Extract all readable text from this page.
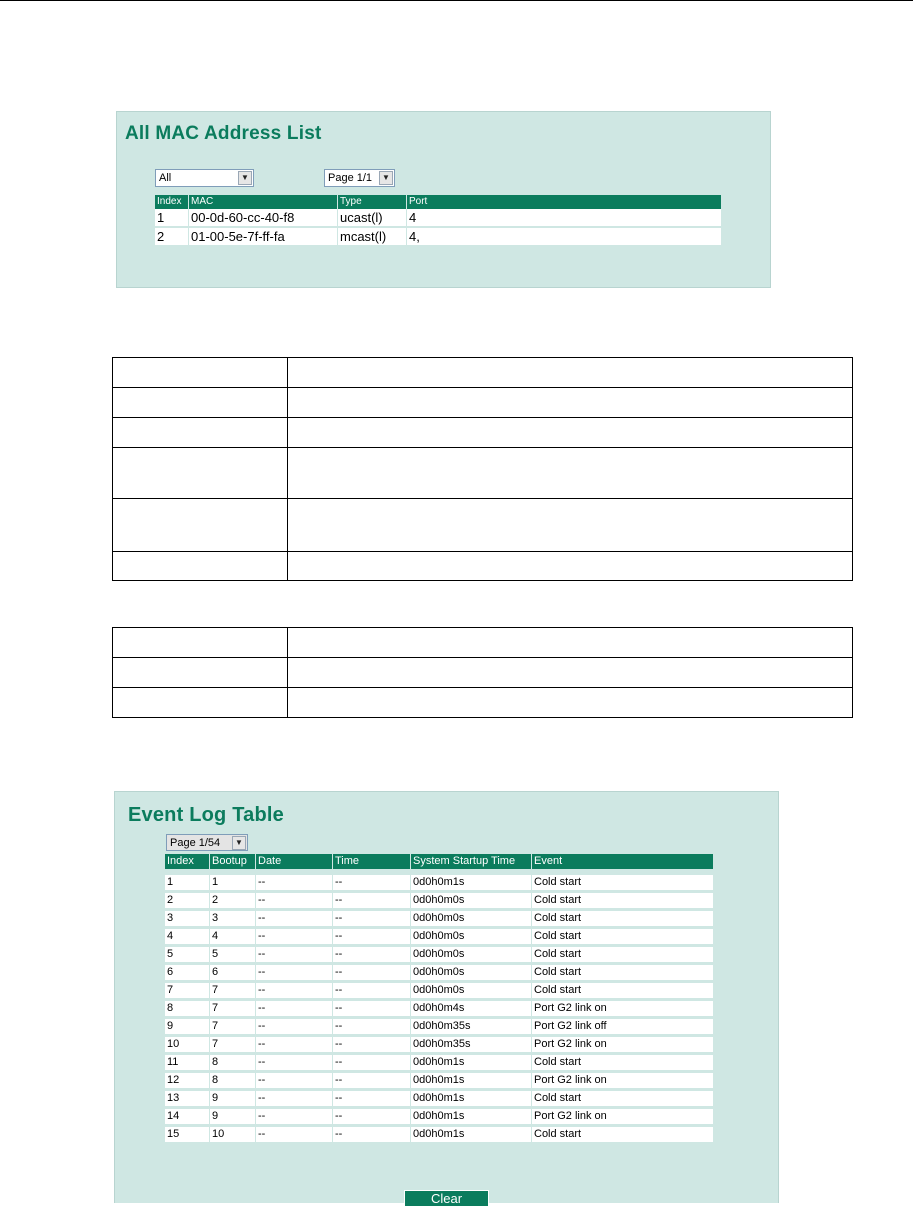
All MAC Address List
All	▼	Page 1/1	▼
Index	MAC	Type	Port
1	00-0d-60-cc-40-f8	ucast(l)	4
2	01-00-5e-7f-ff-fa	mcast(l)	4,

Event Log Table
Page 1/54	▼
Index	Bootup	Date	Time	System Startup Time	Event

1	1	--	--	0d0h0m1s	Cold start
2	2	--	--	0d0h0m0s	Cold start
3	3	--	--	0d0h0m0s	Cold start
4	4	--	--	0d0h0m0s	Cold start
5	5	--	--	0d0h0m0s	Cold start
6	6	--	--	0d0h0m0s	Cold start
7	7	--	--	0d0h0m0s	Cold start
8	7	--	--	0d0h0m4s	Port G2 link on
9	7	--	--	0d0h0m35s	Port G2 link off
10	7	--	--	0d0h0m35s	Port G2 link on
11	8	--	--	0d0h0m1s	Cold start
12	8	--	--	0d0h0m1s	Port G2 link on
13	9	--	--	0d0h0m1s	Cold start
14	9	--	--	0d0h0m1s	Port G2 link on
15	10	--	--	0d0h0m1s	Cold start
Clear
